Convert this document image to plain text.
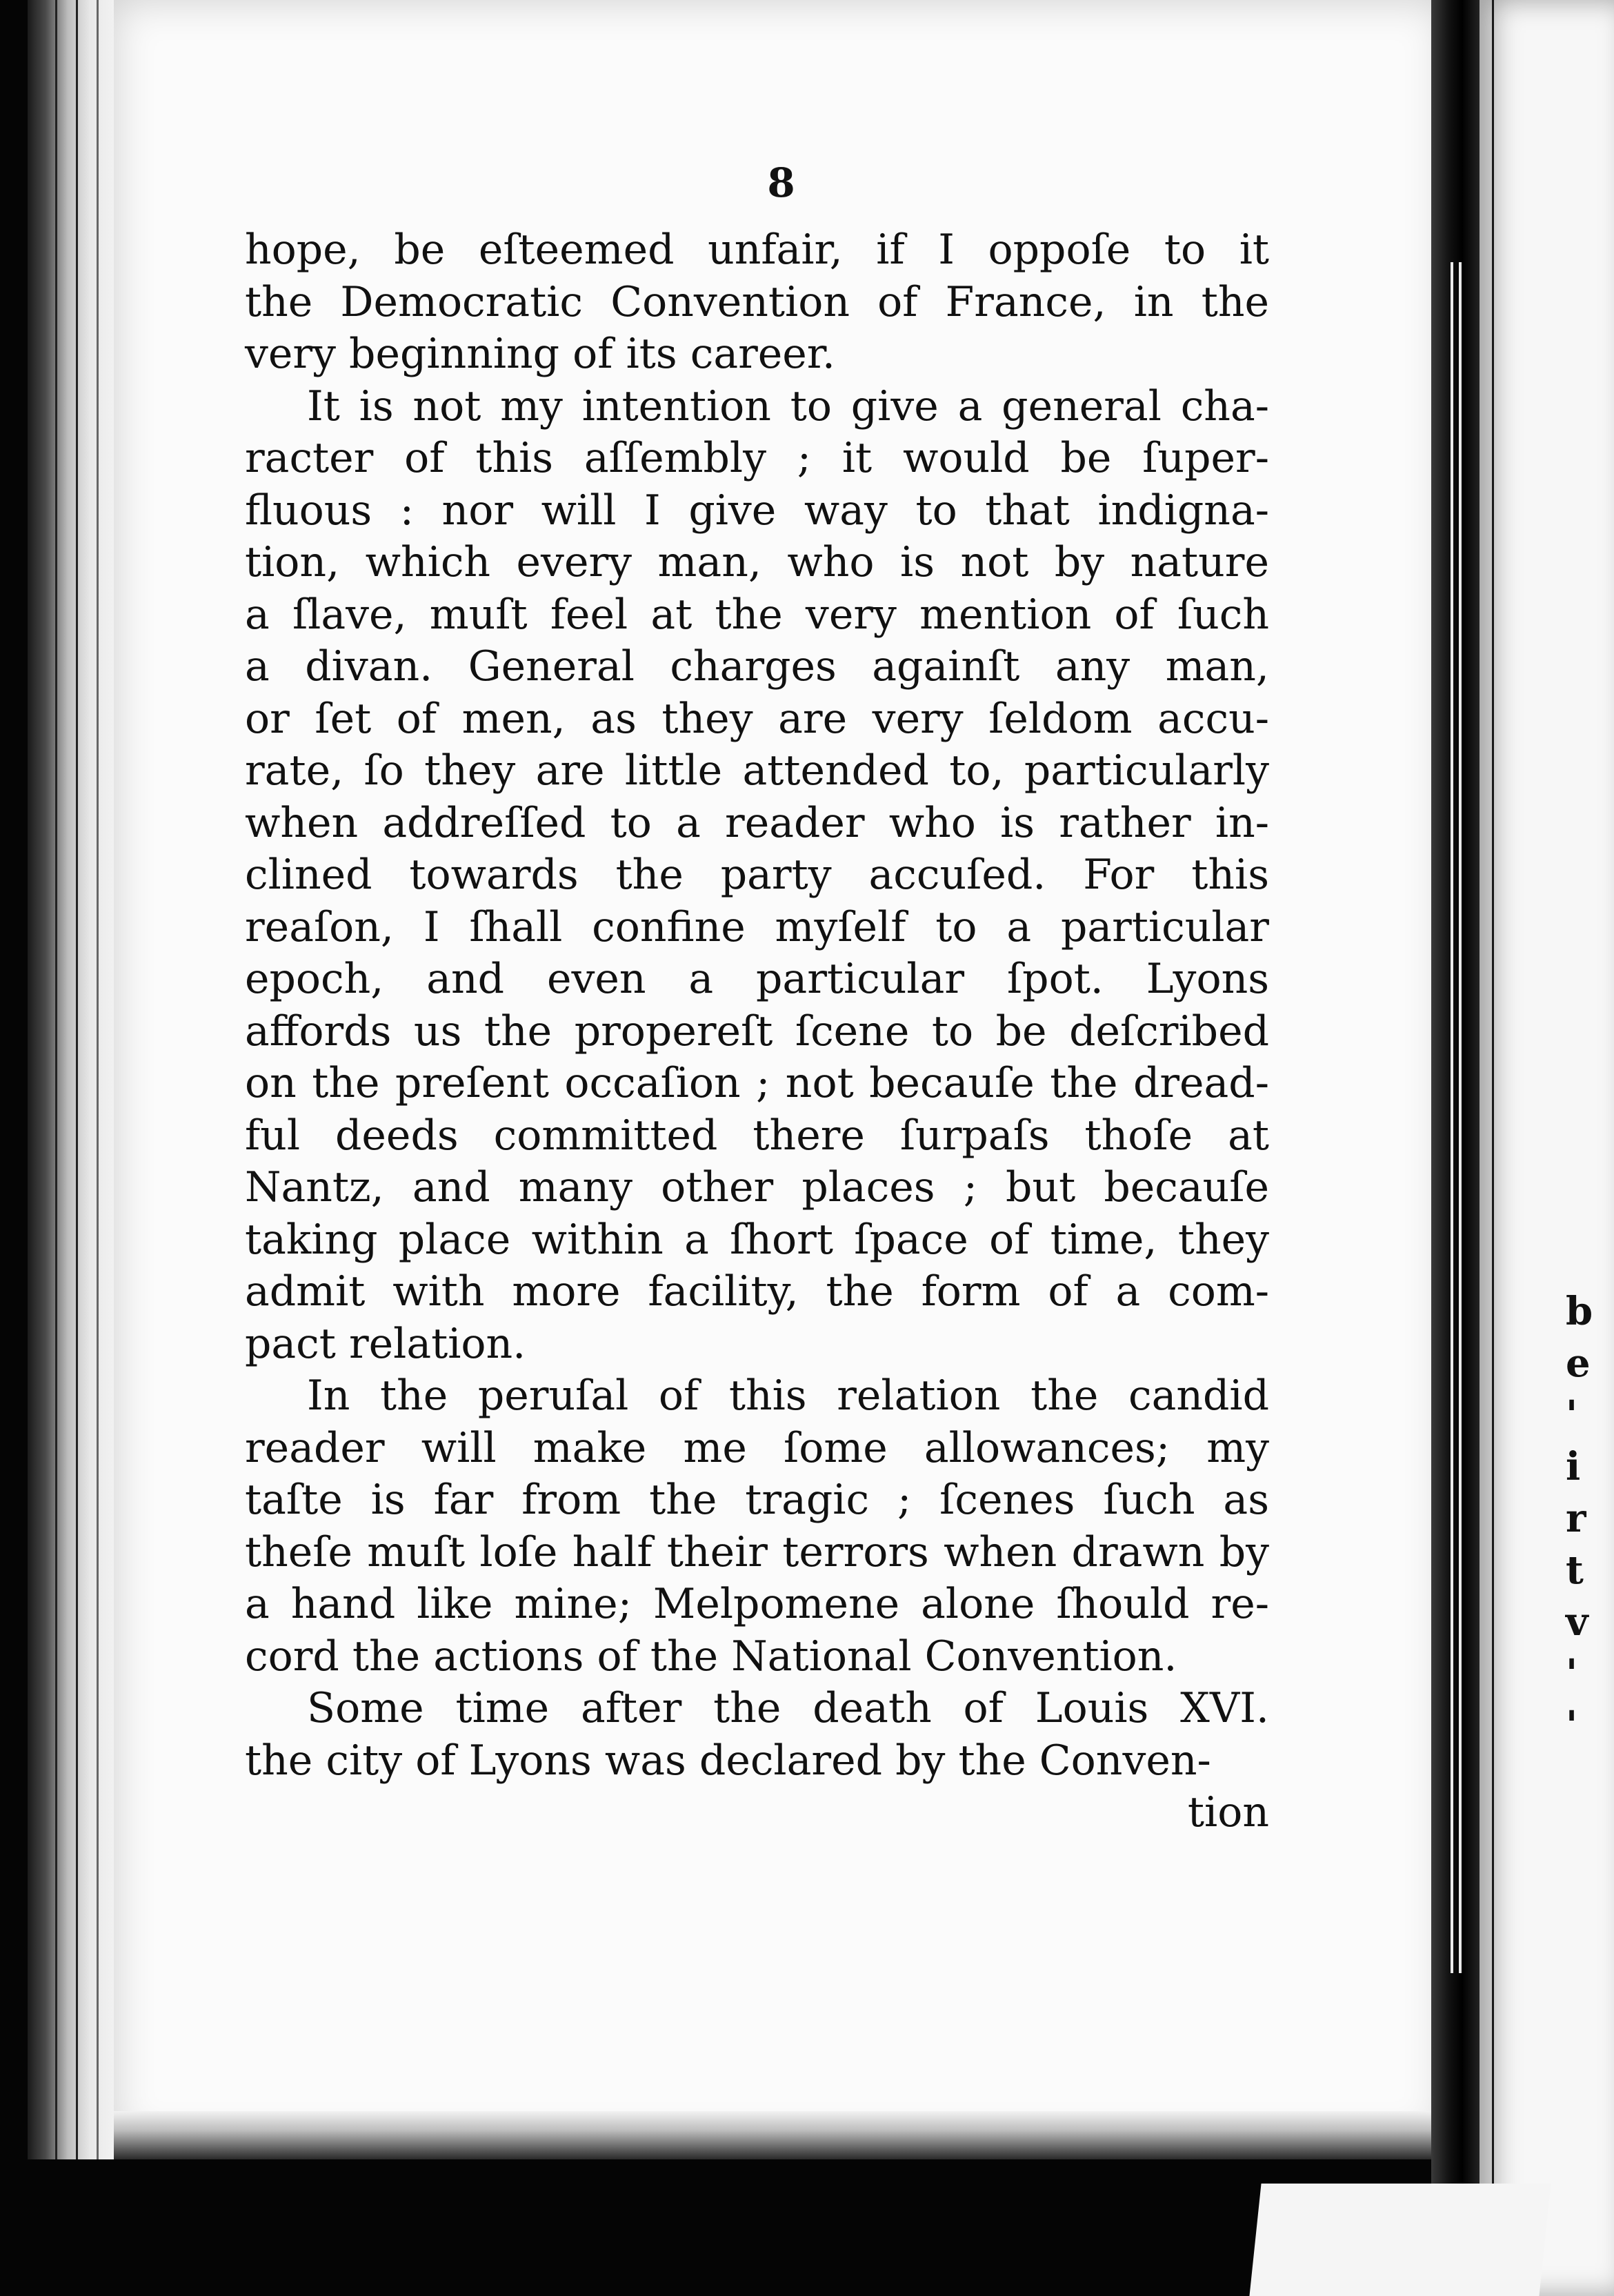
8
hope, be eſteemed unfair, if I oppoſe to it
the Democratic Convention of France, in the
very beginning of its career.
It is not my intention to give a general cha-
racter of this aſſembly ; it would be ſuper-
fluous : nor will I give way to that indigna-
tion, which every man, who is not by nature
a ſlave, muſt feel at the very mention of ſuch
a divan. General charges againſt any man,
or ſet of men, as they are very ſeldom accu-
rate, ſo they are little attended to, particularly
when addreſſed to a reader who is rather in-
clined towards the party accuſed. For this
reaſon, I ſhall confine myſelf to a particular
epoch, and even a particular ſpot. Lyons
affords us the propereſt ſcene to be deſcribed
on the preſent occaſion ; not becauſe the dread-
ful deeds committed there ſurpaſs thoſe at
Nantz, and many other places ; but becauſe
taking place within a ſhort ſpace of time, they
admit with more facility, the form of a com-
pact relation.
In the peruſal of this relation the candid
reader will make me ſome allowances; my
taſte is far from the tragic ; ſcenes ſuch as
theſe muſt loſe half their terrors when drawn by
a hand like mine; Melpomene alone ſhould re-
cord the actions of the National Convention.
Some time after the death of Louis XVI.
the city of Lyons was declared by the Conven-
tion
b
e
'
i
r
t
v
'
'
